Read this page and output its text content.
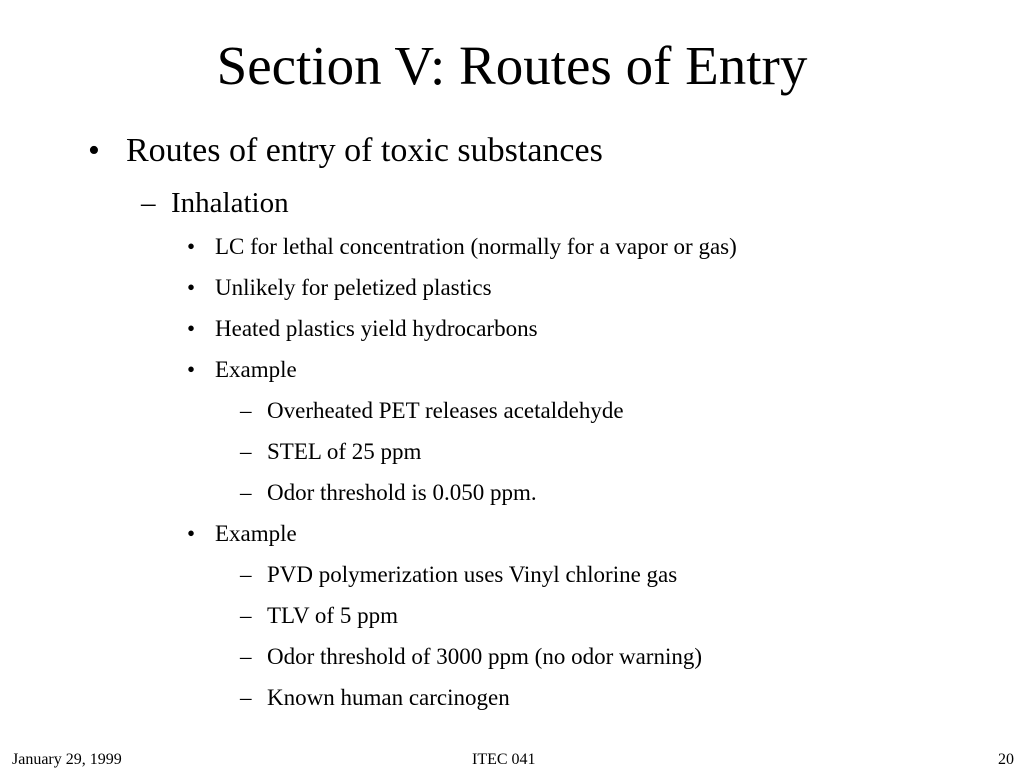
Section V: Routes of Entry
• Routes of entry of toxic substances
– Inhalation
• LC for lethal concentration (normally for a vapor or gas)
• Unlikely for peletized plastics
• Heated plastics yield hydrocarbons
• Example
– Overheated PET releases acetaldehyde
– STEL of 25 ppm
– Odor threshold is 0.050 ppm.
• Example
– PVD polymerization uses Vinyl chlorine gas
– TLV of 5 ppm
– Odor threshold of 3000 ppm (no odor warning)
– Known human carcinogen
January 29, 1999	ITEC 041	20
